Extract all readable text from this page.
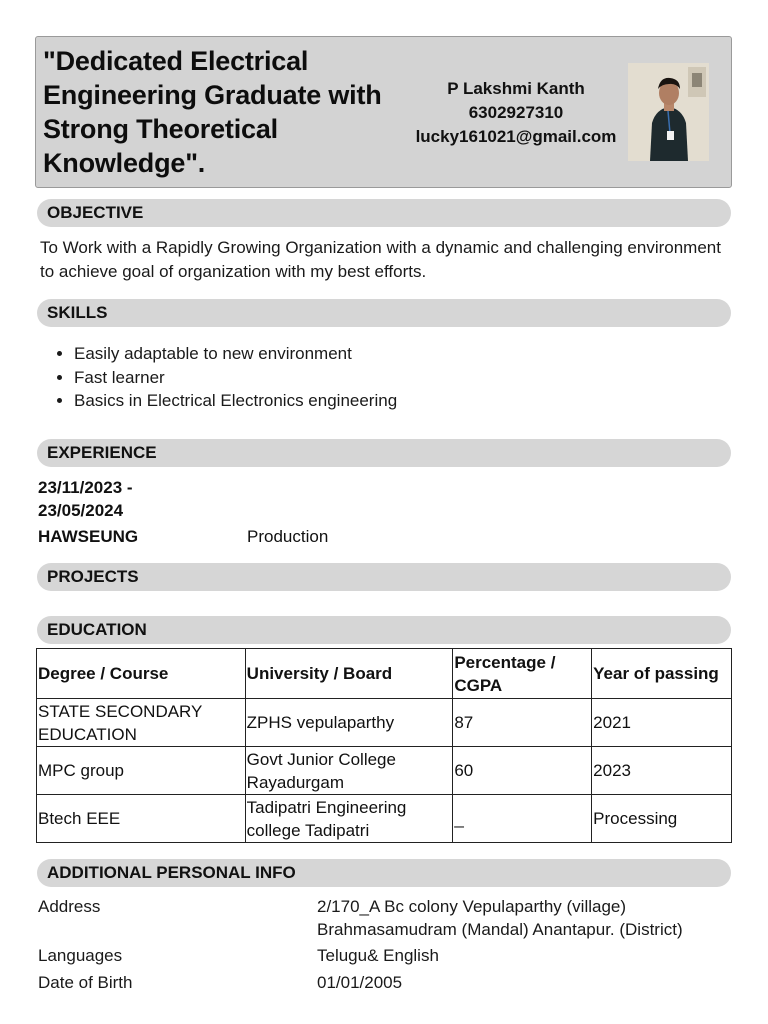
"Dedicated Electrical Engineering Graduate with Strong Theoretical Knowledge".
P Lakshmi Kanth
6302927310
lucky161021@gmail.com
OBJECTIVE
To Work with a Rapidly Growing Organization with a dynamic and challenging environment to achieve goal of organization with my best efforts.
SKILLS
• Easily adaptable to new environment
• Fast learner
• Basics in Electrical Electronics engineering
EXPERIENCE
23/11/2023 -
23/05/2024
HAWSEUNG	Production
PROJECTS
EDUCATION
Degree / Course	University / Board	Percentage / CGPA	Year of passing
STATE SECONDARY EDUCATION	ZPHS vepulaparthy	87	2021
MPC group	Govt Junior College Rayadurgam	60	2023
Btech EEE	Tadipatri Engineering college Tadipatri	_	Processing
ADDITIONAL PERSONAL INFO
Address	2/170_A Bc colony Vepulaparthy (village)
Brahmasamudram (Mandal) Anantapur. (District)
Languages	Telugu& English
Date of Birth	01/01/2005
